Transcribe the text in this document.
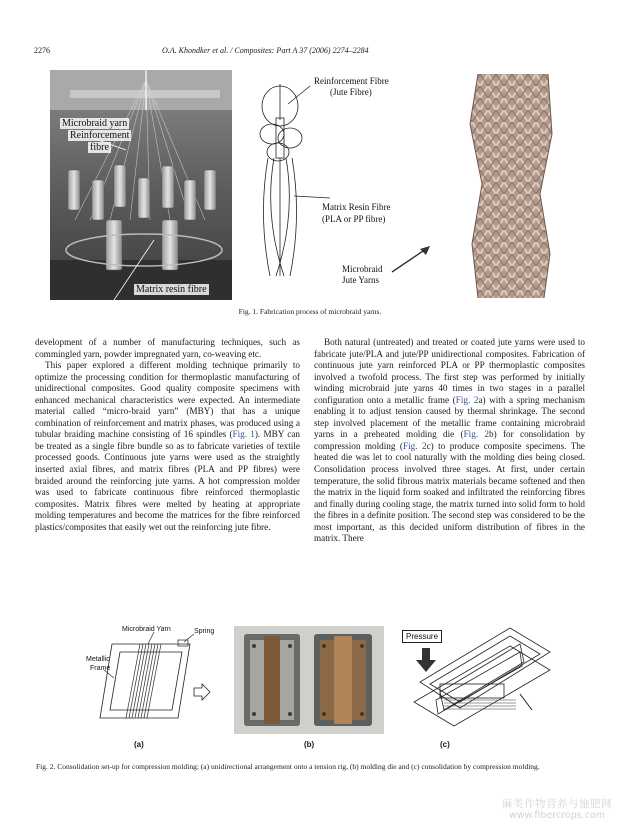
2276	O.A. Khondker et al. / Composites: Part A 37 (2006) 2274–2284
Microbraid yarn
Reinforcement
fibre
Matrix resin fibre
Reinforcement Fibre
(Jute Fibre)
Matrix Resin Fibre
(PLA or PP fibre)
Microbraid
Jute Yarns
Fig. 1. Fabrication process of microbraid yarns.

development of a number of manufacturing techniques, such as commingled yarn, powder impregnated yarn, co-weaving etc.

This paper explored a different molding technique primarily to optimize the processing condition for thermoplastic manufacturing of unidirectional composites. Good quality composite specimens with enhanced mechanical characteristics were expected. An intermediate material called “micro-braid yarn” (MBY) that has a unique combination of reinforcement and matrix phases, was produced using a tubular braiding machine consisting of 16 spindles (Fig. 1). MBY can be treated as a single fibre bundle so as to fabricate varieties of textile processed goods. Continuous jute yarns were used as the straightly inserted axial fibres, and matrix fibres (PLA and PP fibres) were braided around the reinforcing jute yarns. A hot compression molder was used to fabricate continuous fibre reinforced thermoplastic composites. Matrix fibres were melted by heating at appropriate molding temperatures and become the matrices for the fibre reinforced plastics/composites that easily wet out the reinforcing jute fibre.

Both natural (untreated) and treated or coated jute yarns were used to fabricate jute/PLA and jute/PP unidirectional composites. Fabrication of continuous jute yarn reinforced PLA or PP thermoplastic composites involved a twofold process. The first step was performed by initially winding microbraid jute yarns 40 times in two stages in a parallel configuration onto a metallic frame (Fig. 2a) with a spring mechanism enabling it to adjust tension caused by thermal shrinkage. The second step involved placement of the metallic frame containing microbraid yarns in a preheated molding die (Fig. 2b) for consolidation by compression molding (Fig. 2c) to produce composite specimens. The heated die was let to cool naturally with the molding dies being closed. Consolidation process involved three stages. At first, under certain temperature, the solid fibrous matrix materials became softened and then the matrix in the liquid form soaked and infiltrated the reinforcing fibres and finally during cooling stage, the matrix turned into solid form to hold the fibres in a definite position. The second step was considered to be the most important, as this decided uniform distribution of fibres in the matrix. There

Microbraid Yarn	Spring
Metallic
Frame
(a)	(b)
Pressure
(c)
Fig. 2. Consolidation set-up for compression molding: (a) unidirectional arrangement onto a tension rig, (b) molding die and (c) consolidation by compression molding.
麻类作物营养与施肥网
www.fibercrops.com
